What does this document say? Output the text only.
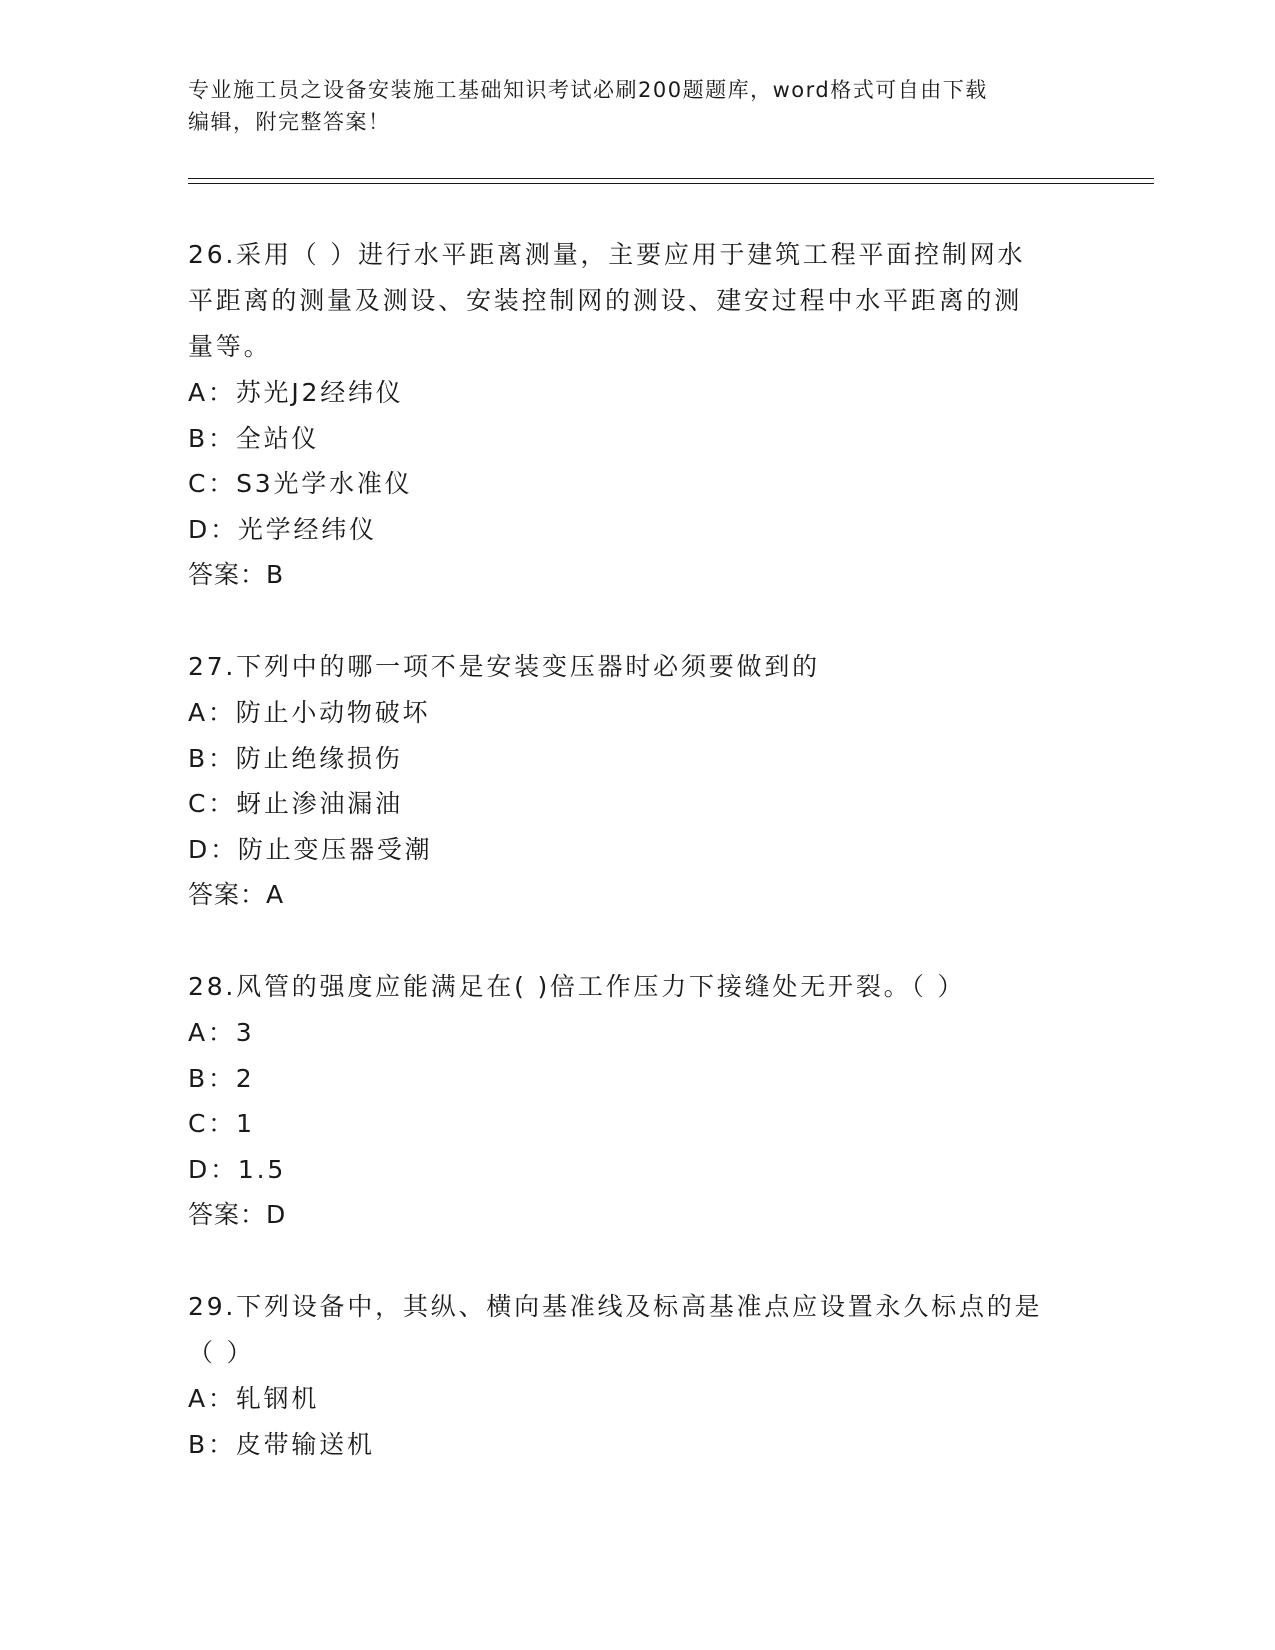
专业施工员之设备安装施工基础知识考试必刷200题题库，word格式可自由下载
编辑，附完整答案！
26.采用（ ）进行水平距离测量，主要应用于建筑工程平面控制网水
平距离的测量及测设、安装控制网的测设、建安过程中水平距离的测
量等。
A：苏光J2经纬仪
B：全站仪
C：S3光学水准仪
D：光学经纬仪
答案：B
27.下列中的哪一项不是安装变压器时必须要做到的
A：防止小动物破坏
B：防止绝缘损伤
C：蚜止渗油漏油
D：防止变压器受潮
答案：A
28.风管的强度应能满足在( )倍工作压力下接缝处无开裂。（ ）
A：3
B：2
C：1
D：1.5
答案：D
29.下列设备中，其纵、横向基准线及标高基准点应设置永久标点的是
（ ）
A：轧钢机
B：皮带输送机
